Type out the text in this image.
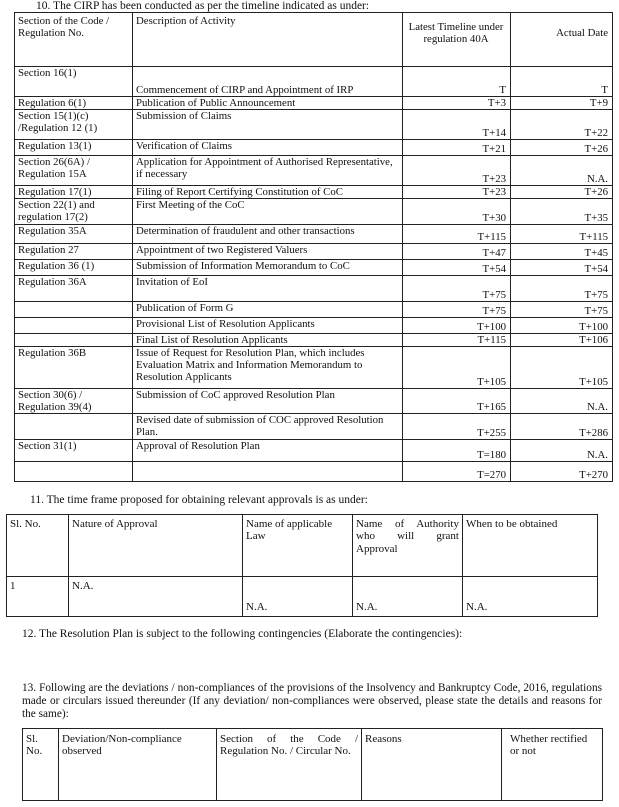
10. The CIRP has been conducted as per the timeline indicated as under:
Section of the Code / Regulation No.	Description of Activity	Latest Timeline under regulation 40A	Actual Date
Section 16(1)	Commencement of CIRP and Appointment of IRP	T	T
Regulation 6(1)	Publication of Public Announcement	T+3	T+9
Section 15(1)(c) /Regulation 12 (1)	Submission of Claims	T+14	T+22
Regulation 13(1)	Verification of Claims	T+21	T+26
Section 26(6A) / Regulation 15A	Application for Appointment of Authorised Representative, if necessary	T+23	N.A.
Regulation 17(1)	Filing of Report Certifying Constitution of CoC	T+23	T+26
Section 22(1) and regulation 17(2)	First Meeting of the CoC	T+30	T+35
Regulation 35A	Determination of fraudulent and other transactions	T+115	T+115
Regulation 27	Appointment of two Registered Valuers	T+47	T+45
Regulation 36 (1)	Submission of Information Memorandum to CoC	T+54	T+54
Regulation 36A	Invitation of EoI	T+75	T+75
	Publication of Form G	T+75	T+75
	Provisional List of Resolution Applicants	T+100	T+100
	Final List of Resolution Applicants	T+115	T+106
Regulation 36B	Issue of Request for Resolution Plan, which includes Evaluation Matrix and Information Memorandum to Resolution Applicants	T+105	T+105
Section 30(6) / Regulation 39(4)	Submission of CoC approved Resolution Plan	T+165	N.A.
	Revised date of submission of COC approved Resolution Plan.	T+255	T+286
Section 31(1)	Approval of Resolution Plan	T=180	N.A.
		T=270	T+270
11. The time frame proposed for obtaining relevant approvals is as under:
Sl. No.	Nature of Approval	Name of applicable Law	Name of Authority who will grant Approval	When to be obtained
1	N.A.	N.A.	N.A.	N.A.
12. The Resolution Plan is subject to the following contingencies (Elaborate the contingencies):
13. Following are the deviations / non-compliances of the provisions of the Insolvency and Bankruptcy Code, 2016, regulations made or circulars issued thereunder (If any deviation/ non-compliances were observed, please state the details and reasons for the same):
Sl. No.	Deviation/Non-compliance observed	Section of the Code / Regulation No. / Circular No.	Reasons	Whether rectified or not
